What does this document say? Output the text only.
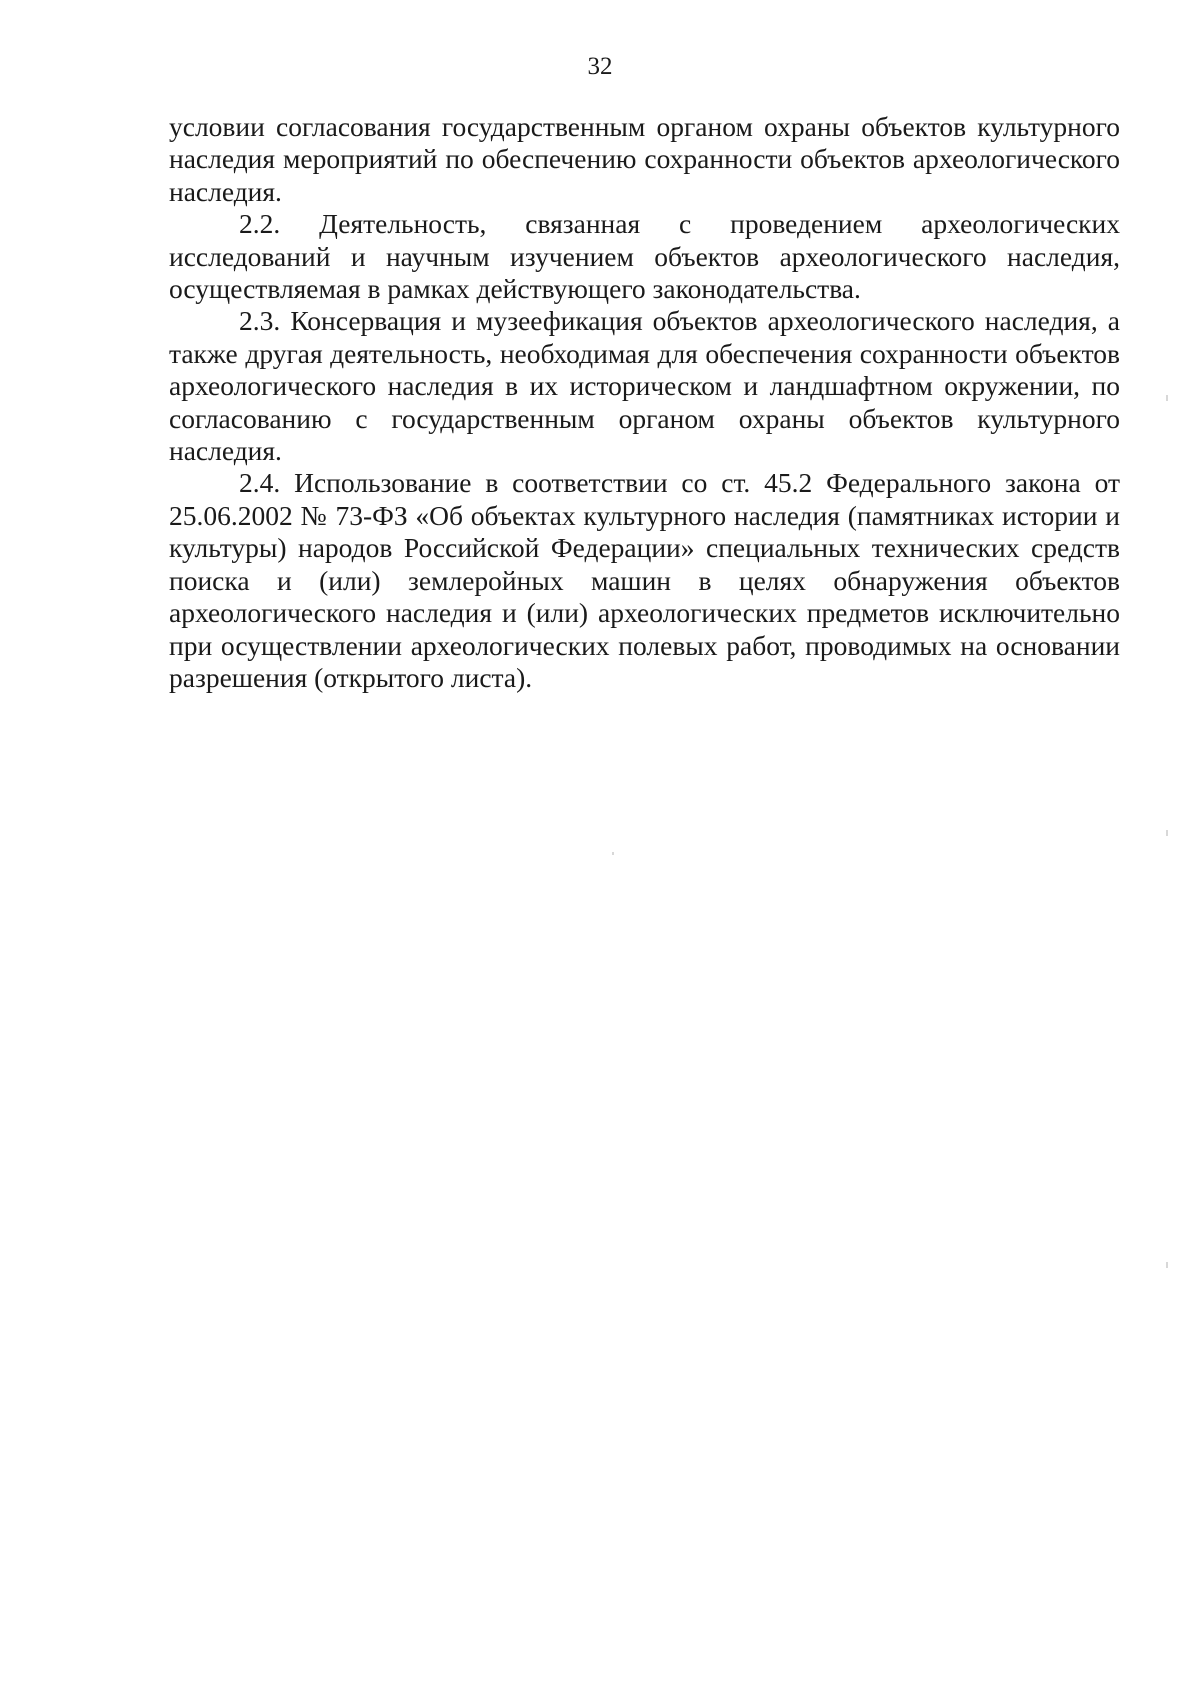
32

условии согласования государственным органом охраны объектов культурного наследия мероприятий по обеспечению сохранности объектов археологического наследия.

2.2. Деятельность, связанная с проведением археологических исследований и научным изучением объектов археологического наследия, осуществляемая в рамках действующего законодательства.

2.3. Консервация и музеефикация объектов археологического наследия, а также другая деятельность, необходимая для обеспечения сохранности объектов археологического наследия в их историческом и ландшафтном окружении, по согласованию с государственным органом охраны объектов культурного наследия.

2.4. Использование в соответствии со ст. 45.2 Федерального закона от 25.06.2002 № 73-ФЗ «Об объектах культурного наследия (памятниках истории и культуры) народов Российской Федерации» специальных технических средств поиска и (или) землеройных машин в целях обнаружения объектов археологического наследия и (или) археологических предметов исключительно при осуществлении археологических полевых работ, проводимых на основании разрешения (открытого листа).
